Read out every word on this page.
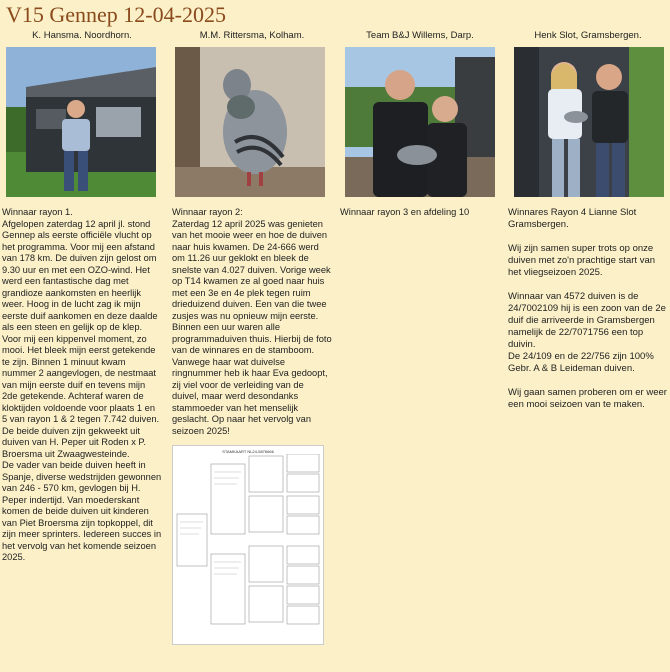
V15 Gennep 12-04-2025
K. Hansma. Noordhorn.
Winnaar rayon 1.
Afgelopen zaterdag 12 april jl. stond Gennep als eerste officiële vlucht op het programma. Voor mij een afstand van 178 km. De duiven zijn gelost om 9.30 uur en met een OZO-wind. Het werd een fantastische dag met grandioze aankomsten en heerlijk weer. Hoog in de lucht zag ik mijn eerste duif aankomen en deze daalde als een steen en gelijk op de klep. Voor mij een kippenvel moment, zo mooi. Het bleek mijn eerst getekende te zijn. Binnen 1 minuut kwam nummer 2 aangevlogen, de nestmaat van mijn eerste duif en tevens mijn 2de getekende. Achteraf waren de kloktijden voldoende voor plaats 1 en 5 van rayon 1 & 2 tegen 7.742 duiven. De beide duiven zijn gekweekt uit duiven van H. Peper uit Roden x P. Broersma uit Zwaagwesteinde.
De vader van beide duiven heeft in Spanje, diverse wedstrijden gewonnen van 246 - 570 km, gevlogen bij H. Peper indertijd. Van moederskant komen de beide duiven uit kinderen van Piet Broersma zijn topkoppel, dit zijn meer sprinters. Iedereen succes in het vervolg van het komende seizoen 2025.
M.M. Rittersma, Kolham.
Winnaar rayon 2:
Zaterdag 12 april 2025 was genieten van het mooie weer en hoe de duiven naar huis kwamen. De 24-666 werd om 11.26 uur geklokt en bleek de snelste van 4.027 duiven. Vorige week op T14 kwamen ze al goed naar huis met een 3e en 4e plek tegen ruim drieduizend duiven. Een van die twee zusjes was nu opnieuw mijn eerste. Binnen een uur waren alle programmaduiven thuis. Hierbij de foto van de winnares en de stamboom. Vanwege haar wat duivelse ringnummer heb ik haar Eva gedoopt, zij viel voor de verleiding van de duivel, maar werd desondanks stammoeder van het menselijk geslacht. Op naar het vervolg van seizoen 2025!
STAMKAART NL24-5876666
Team B&J Willems, Darp.
Winnaar rayon 3 en afdeling 10
Henk Slot, Gramsbergen.
Winnares Rayon 4 Lianne Slot Gramsbergen.

Wij zijn samen super trots op onze duiven met zo'n prachtige start van het vliegseizoen 2025.

Winnaar van 4572 duiven is de 24/7002109 hij is een zoon van de 2e duif die arriveerde in Gramsbergen namelijk de 22/7071756 een top duivin.
De 24/109 en de 22/756 zijn 100% Gebr. A & B Leideman duiven.

Wij gaan samen proberen om er weer een mooi seizoen van te maken.
